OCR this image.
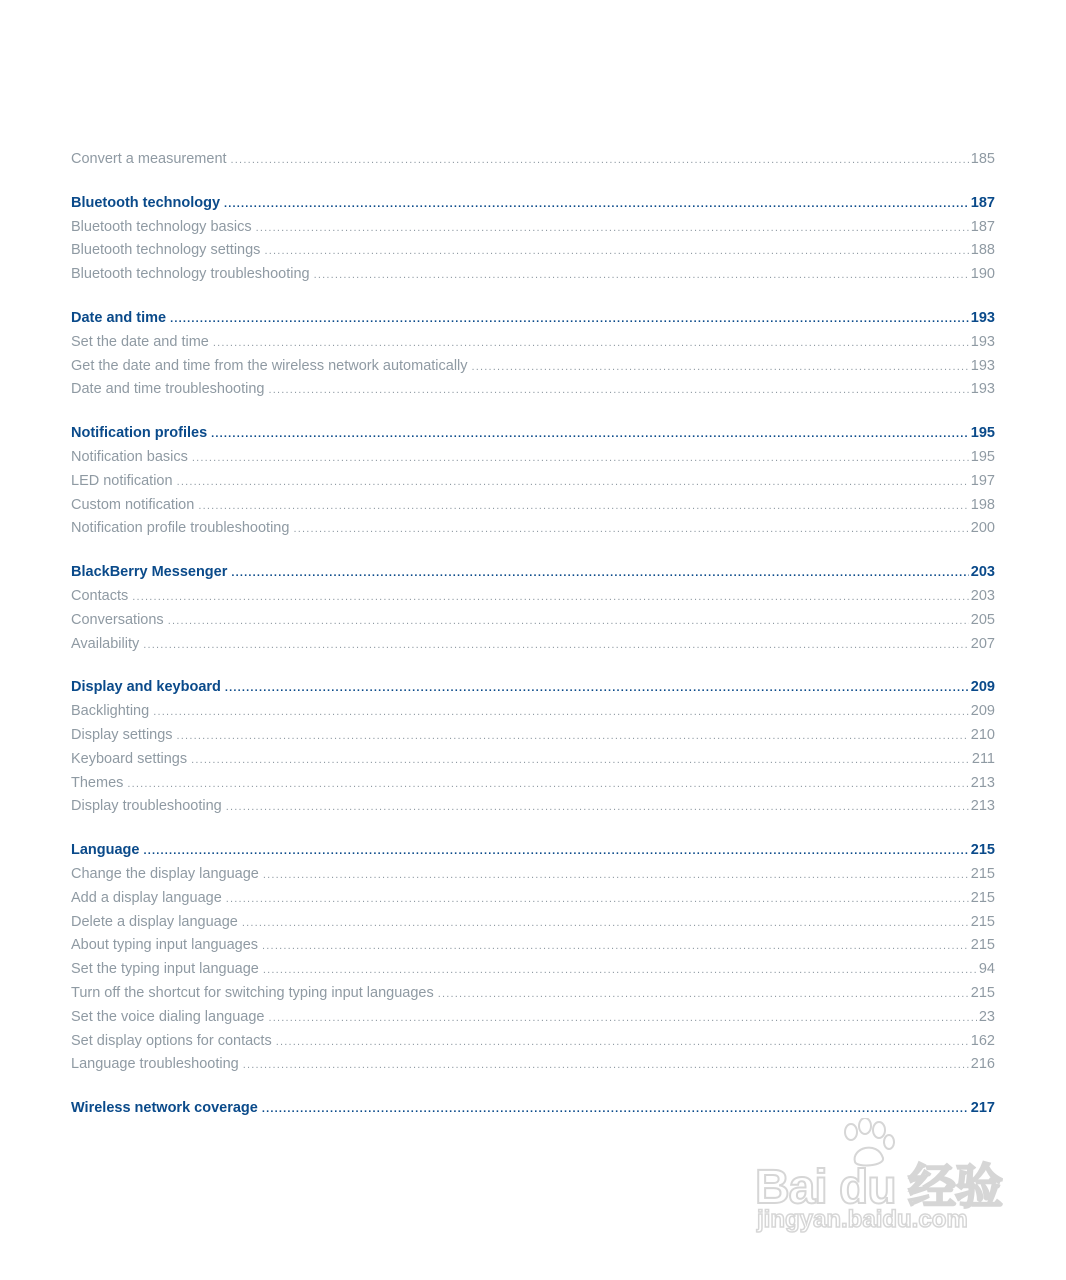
Convert a measurement .....	185
Bluetooth technology .....	187
Bluetooth technology basics .....	187
Bluetooth technology settings .....	188
Bluetooth technology troubleshooting .....	190
Date and time .....	193
Set the date and time .....	193
Get the date and time from the wireless network automatically .....	193
Date and time troubleshooting .....	193
Notification profiles .....	195
Notification basics .....	195
LED notification .....	197
Custom notification .....	198
Notification profile troubleshooting .....	200
BlackBerry Messenger .....	203
Contacts .....	203
Conversations .....	205
Availability .....	207
Display and keyboard .....	209
Backlighting .....	209
Display settings .....	210
Keyboard settings .....	211
Themes .....	213
Display troubleshooting .....	213
Language .....	215
Change the display language .....	215
Add a display language .....	215
Delete a display language .....	215
About typing input languages .....	215
Set the typing input language .....	94
Turn off the shortcut for switching typing input languages .....	215
Set the voice dialing language .....	23
Set display options for contacts .....	162
Language troubleshooting .....	216
Wireless network coverage .....	217
Bai du 经验
jingyan.baidu.com
